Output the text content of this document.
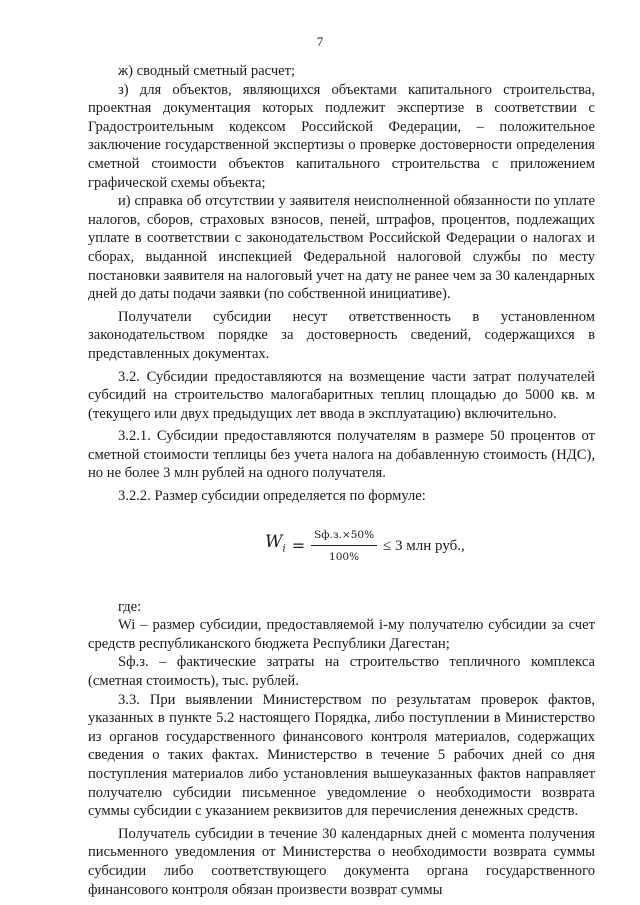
7

ж) сводный сметный расчет;

з) для объектов, являющихся объектами капитального строительства, проектная документация которых подлежит экспертизе в соответствии с Градостроительным кодексом Российской Федерации, – положительное заключение государственной экспертизы о проверке достоверности определения сметной стоимости объектов капитального строительства с приложением графической схемы объекта;

и) справка об отсутствии у заявителя неисполненной обязанности по уплате налогов, сборов, страховых взносов, пеней, штрафов, процентов, подлежащих уплате в соответствии с законодательством Российской Федерации о налогах и сборах, выданной инспекцией Федеральной налоговой службы по месту постановки заявителя на налоговый учет на дату не ранее чем за 30 календарных дней до даты подачи заявки (по собственной инициативе).

Получатели субсидии несут ответственность в установленном законодательством порядке за достоверность сведений, содержащихся в представленных документах.

3.2. Субсидии предоставляются на возмещение части затрат получателей субсидий на строительство малогабаритных теплиц площадью до 5000 кв. м (текущего или двух предыдущих лет ввода в эксплуатацию) включительно.

3.2.1. Субсидии предоставляются получателям в размере 50 процентов от сметной стоимости теплицы без учета налога на добавленную стоимость (НДС), но не более 3 млн рублей на одного получателя.

3.2.2. Размер субсидии определяется по формуле:

$W_i = \frac{Sф.з.\times 50\%}{100\%} \le 3$ млн руб.,

где:

Wi – размер субсидии, предоставляемой i-му получателю субсидии за счет средств республиканского бюджета Республики Дагестан;

Sф.з. – фактические затраты на строительство тепличного комплекса (сметная стоимость), тыс. рублей.

3.3. При выявлении Министерством по результатам проверок фактов, указанных в пункте 5.2 настоящего Порядка, либо поступлении в Министерство из органов государственного финансового контроля материалов, содержащих сведения о таких фактах. Министерство в течение 5 рабочих дней со дня поступления материалов либо установления вышеуказанных фактов направляет получателю субсидии письменное уведомление о необходимости возврата суммы субсидии с указанием реквизитов для перечисления денежных средств.

Получатель субсидии в течение 30 календарных дней с момента получения письменного уведомления от Министерства о необходимости возврата суммы субсидии либо соответствующего документа органа государственного финансового контроля обязан произвести возврат суммы
